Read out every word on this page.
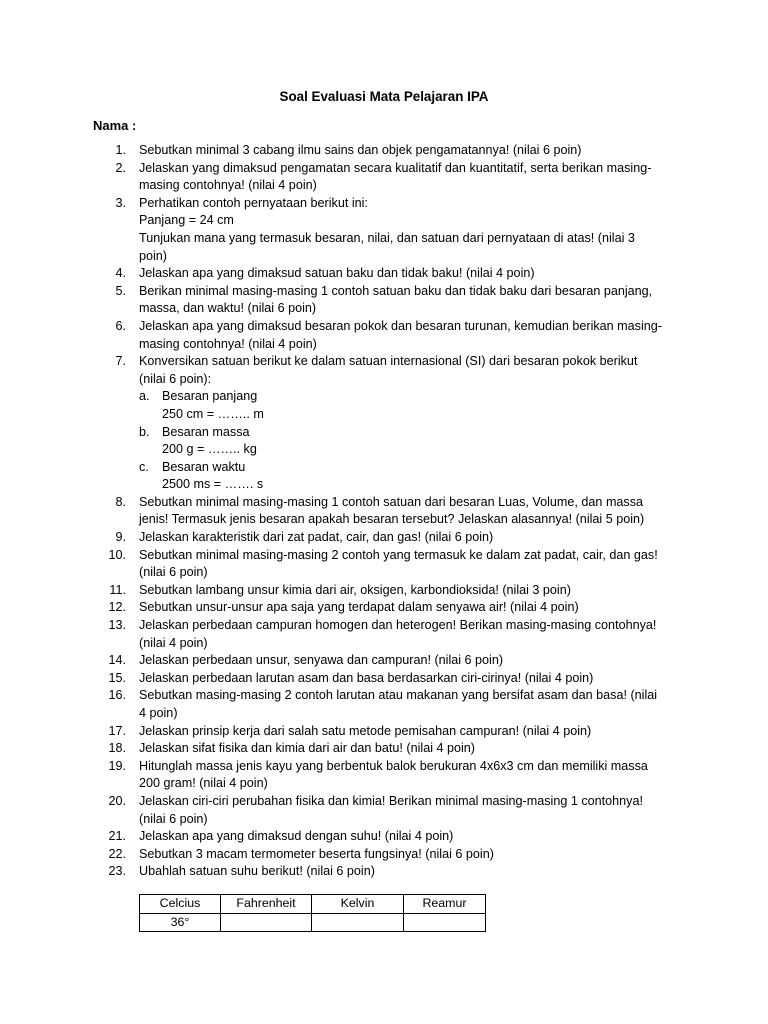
Soal Evaluasi Mata Pelajaran IPA
Nama :
1. Sebutkan minimal 3 cabang ilmu sains dan objek pengamatannya! (nilai 6 poin)
2. Jelaskan yang dimaksud pengamatan secara kualitatif dan kuantitatif, serta berikan masing-
masing contohnya! (nilai 4 poin)
3. Perhatikan contoh pernyataan berikut ini:
Panjang = 24 cm
Tunjukan mana yang termasuk besaran, nilai, dan satuan dari pernyataan di atas! (nilai 3
poin)
4. Jelaskan apa yang dimaksud satuan baku dan tidak baku! (nilai 4 poin)
5. Berikan minimal masing-masing 1 contoh satuan baku dan tidak baku dari besaran panjang,
massa, dan waktu! (nilai 6 poin)
6. Jelaskan apa yang dimaksud besaran pokok dan besaran turunan, kemudian berikan masing-
masing contohnya! (nilai 4 poin)
7. Konversikan satuan berikut ke dalam satuan internasional (SI) dari besaran pokok berikut
(nilai 6 poin):
a. Besaran panjang
250 cm = …….. m
b. Besaran massa
200 g = …….. kg
c. Besaran waktu
2500 ms = ……. s
8. Sebutkan minimal masing-masing 1 contoh satuan dari besaran Luas, Volume, dan massa
jenis! Termasuk jenis besaran apakah besaran tersebut? Jelaskan alasannya! (nilai 5 poin)
9. Jelaskan karakteristik dari zat padat, cair, dan gas! (nilai 6 poin)
10. Sebutkan minimal masing-masing 2 contoh yang termasuk ke dalam zat padat, cair, dan gas!
(nilai 6 poin)
11. Sebutkan lambang unsur kimia dari air, oksigen, karbondioksida! (nilai 3 poin)
12. Sebutkan unsur-unsur apa saja yang terdapat dalam senyawa air! (nilai 4 poin)
13. Jelaskan perbedaan campuran homogen dan heterogen! Berikan masing-masing contohnya!
(nilai 4 poin)
14. Jelaskan perbedaan unsur, senyawa dan campuran! (nilai 6 poin)
15. Jelaskan perbedaan larutan asam dan basa berdasarkan ciri-cirinya! (nilai 4 poin)
16. Sebutkan masing-masing 2 contoh larutan atau makanan yang bersifat asam dan basa! (nilai
4 poin)
17. Jelaskan prinsip kerja dari salah satu metode pemisahan campuran! (nilai 4 poin)
18. Jelaskan sifat fisika dan kimia dari air dan batu! (nilai 4 poin)
19. Hitunglah massa jenis kayu yang berbentuk balok berukuran 4x6x3 cm dan memiliki massa
200 gram! (nilai 4 poin)
20. Jelaskan ciri-ciri perubahan fisika dan kimia! Berikan minimal masing-masing 1 contohnya!
(nilai 6 poin)
21. Jelaskan apa yang dimaksud dengan suhu! (nilai 4 poin)
22. Sebutkan 3 macam termometer beserta fungsinya! (nilai 6 poin)
23. Ubahlah satuan suhu berikut! (nilai 6 poin)
Celcius	Fahrenheit	Kelvin	Reamur
36°			
